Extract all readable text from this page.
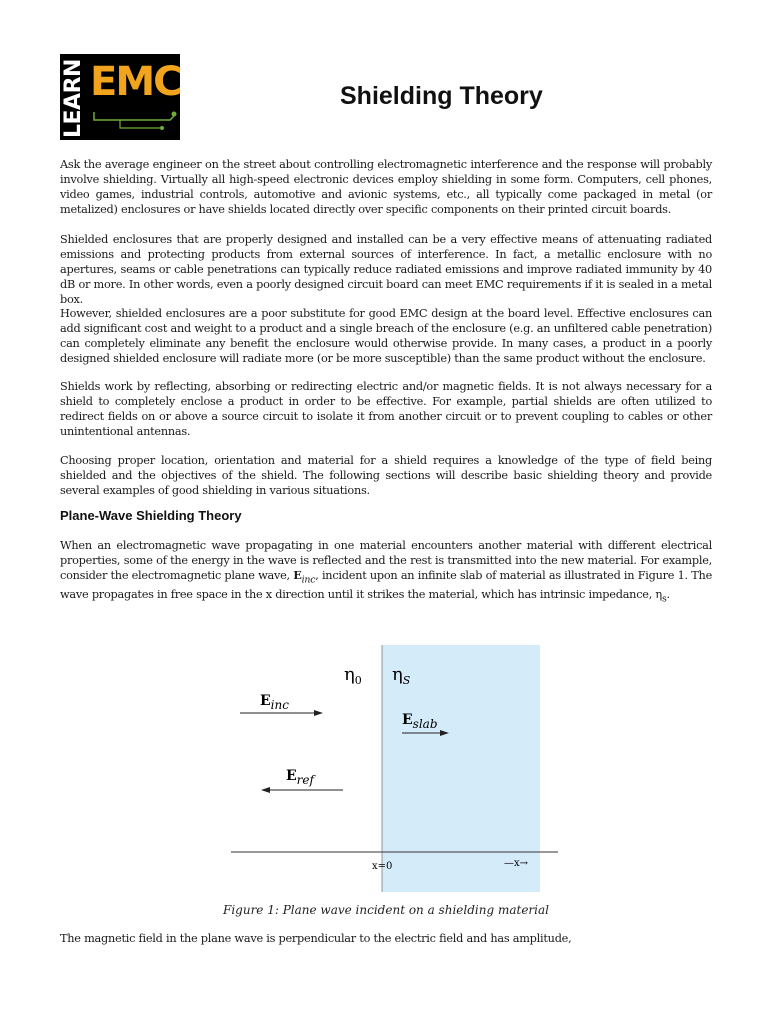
LEARN EMC	Shielding Theory

Ask the average engineer on the street about controlling electromagnetic interference and the response will probably involve shielding. Virtually all high-speed electronic devices employ shielding in some form. Computers, cell phones, video games, industrial controls, automotive and avionic systems, etc., all typically come packaged in metal (or metalized) enclosures or have shields located directly over specific components on their printed circuit boards.

Shielded enclosures that are properly designed and installed can be a very effective means of attenuating radiated emissions and protecting products from external sources of interference. In fact, a metallic enclosure with no apertures, seams or cable penetrations can typically reduce radiated emissions and improve radiated immunity by 40 dB or more. In other words, even a poorly designed circuit board can meet EMC requirements if it is sealed in a metal box.

However, shielded enclosures are a poor substitute for good EMC design at the board level. Effective enclosures can add significant cost and weight to a product and a single breach of the enclosure (e.g. an unfiltered cable penetration) can completely eliminate any benefit the enclosure would otherwise provide. In many cases, a product in a poorly designed shielded enclosure will radiate more (or be more susceptible) than the same product without the enclosure.

Shields work by reflecting, absorbing or redirecting electric and/or magnetic fields. It is not always necessary for a shield to completely enclose a product in order to be effective. For example, partial shields are often utilized to redirect fields on or above a source circuit to isolate it from another circuit or to prevent coupling to cables or other unintentional antennas.

Choosing proper location, orientation and material for a shield requires a knowledge of the type of field being shielded and the objectives of the shield. The following sections will describe basic shielding theory and provide several examples of good shielding in various situations.

Plane-Wave Shielding Theory

When an electromagnetic wave propagating in one material encounters another material with different electrical properties, some of the energy in the wave is reflected and the rest is transmitted into the new material. For example, consider the electromagnetic plane wave, $E_{inc}$, incident upon an infinite slab of material as illustrated in Figure 1. The wave propagates in free space in the x direction until it strikes the material, which has intrinsic impedance, $\eta_s$.

$\eta_0$ $\eta_S$
Einc
Eslab
Eref
x=0	—x→
Figure 1: Plane wave incident on a shielding material

The magnetic field in the plane wave is perpendicular to the electric field and has amplitude,
